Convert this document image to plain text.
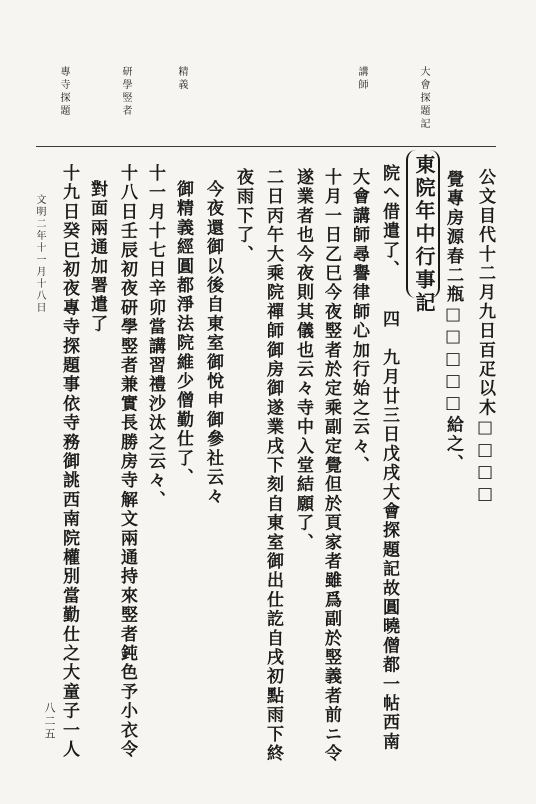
大會探題記
講師
精義
研學竪者
專寺探題
東院年中行事記 公文目代十二月九日百疋以木□□□□
覺專房源春二瓶□□□□□給之、
四　九月廿三日戊戌大會探題記故圓曉僧都一帖西南
院へ借遣了、
大會講師尋譽律師心加行始之云々、
十月一日乙巳今夜竪者於定乘副定覺但於頁家者雖爲副於竪義者前ニ令
遂業者也今夜則其儀也云々寺中入堂結願了、
二日丙午大乘院禪師御房御遂業戌下刻自東室御出仕訖自戌初點雨下終
夜雨下了、
今夜還御以後自東室御悅申御參社云々
御精義經圓都淨法院維少僧勤仕了、
十一月十七日辛卯當講習禮沙汰之云々、
十八日壬辰初夜研學竪者兼實長勝房寺解文兩通持來竪者鈍色予小衣令
對面兩通加署遣了
十九日癸巳初夜專寺探題事依寺務御誂西南院權別當勤仕之大童子一人
文明二年十一月十八日
八二五
